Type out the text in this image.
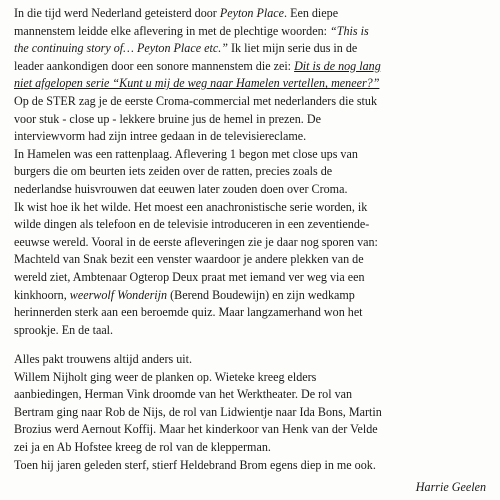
In die tijd werd Nederland geteisterd door Peyton Place. Een diepe
mannenstem leidde elke aflevering in met de plechtige woorden: “This is
the continuing story of… Peyton Place etc.” Ik liet mijn serie dus in de
leader aankondigen door een sonore mannenstem die zei: Dit is de nog lang
niet afgelopen serie “Kunt u mij de weg naar Hamelen vertellen, meneer?”
Op de STER zag je de eerste Croma-commercial met nederlanders die stuk
voor stuk - close up - lekkere bruine jus de hemel in prezen. De
interviewvorm had zijn intree gedaan in de televisiereclame.
In Hamelen was een rattenplaag. Aflevering 1 begon met close ups van
burgers die om beurten iets zeiden over de ratten, precies zoals de
nederlandse huisvrouwen dat eeuwen later zouden doen over Croma.
Ik wist hoe ik het wilde. Het moest een anachronistische serie worden, ik
wilde dingen als telefoon en de televisie introduceren in een zeventiende-
eeuwse wereld. Vooral in de eerste afleveringen zie je daar nog sporen van:
Machteld van Snak bezit een venster waardoor je andere plekken van de
wereld ziet, Ambtenaar Ogterop Deux praat met iemand ver weg via een
kinkhoorn, weerwolf Wonderijn (Berend Boudewijn) en zijn wedkamp
herinnerden sterk aan een beroemde quiz. Maar langzamerhand won het
sprookje. En de taal.
Alles pakt trouwens altijd anders uit.
Willem Nijholt ging weer de planken op. Wieteke kreeg elders
aanbiedingen, Herman Vink droomde van het Werktheater. De rol van
Bertram ging naar Rob de Nijs, de rol van Lidwientje naar Ida Bons, Martin
Brozius werd Aernout Koffij. Maar het kinderkoor van Henk van der Velde
zei ja en Ab Hofstee kreeg de rol van de klepperman.
Toen hij jaren geleden sterf, stierf Heldebrand Brom egens diep in me ook.
Harrie Geelen
